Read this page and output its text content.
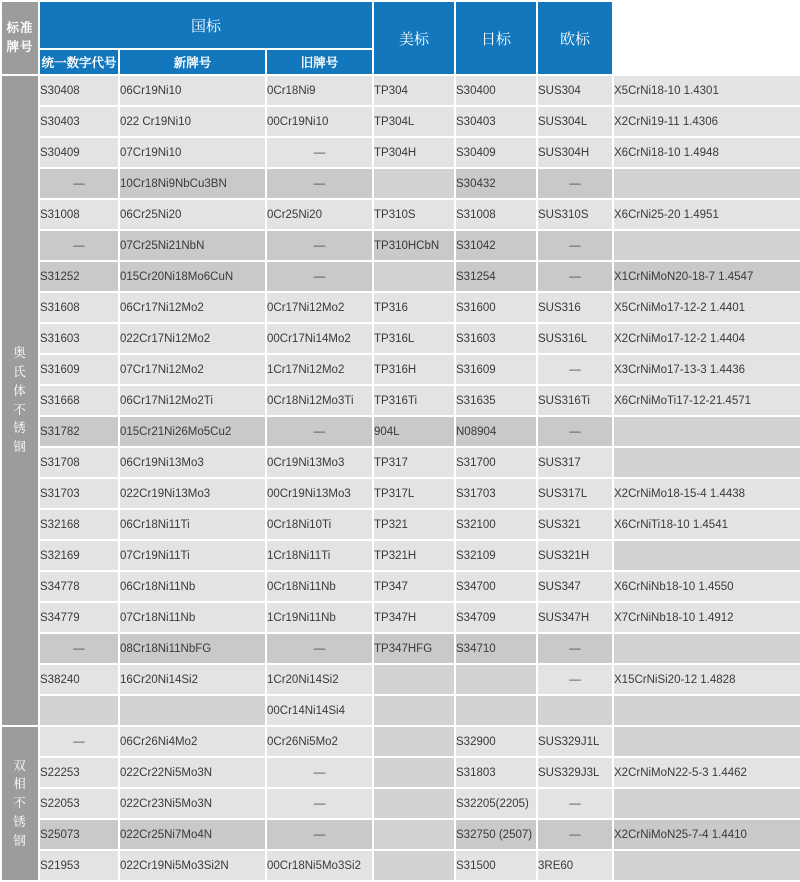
标准
牌号	国标			美标	日标	欧标	
	统一数字代号	新牌号	旧牌号				

奥
氏
体
不
锈
钢
	S30408	06Cr19Ni10	0Cr18Ni9	TP304	S30400	SUS304	X5CrNi18-10 1.4301
	S30403	022 Cr19Ni10	00Cr19Ni10	TP304L	S30403	SUS304L	X2CrNi19-11 1.4306
	S30409	07Cr19Ni10	—	TP304H	S30409	SUS304H	X6CrNi18-10 1.4948
	—	10Cr18Ni9NbCu3BN	—		S30432	—	
	S31008	06Cr25Ni20	0Cr25Ni20	TP310S	S31008	SUS310S	X6CrNi25-20 1.4951
	—	07Cr25Ni21NbN	—	TP310HCbN	S31042	—	
	S31252	015Cr20Ni18Mo6CuN	—		S31254	—	X1CrNiMoN20-18-7 1.4547
	S31608	06Cr17Ni12Mo2	0Cr17Ni12Mo2	TP316	S31600	SUS316	X5CrNiMo17-12-2 1.4401
	S31603	022Cr17Ni12Mo2	00Cr17Ni14Mo2	TP316L	S31603	SUS316L	X2CrNiMo17-12-2 1.4404
	S31609	07Cr17Ni12Mo2	1Cr17Ni12Mo2	TP316H	S31609	—	X3CrNiMo17-13-3 1.4436
	S31668	06Cr17Ni12Mo2Ti	0Cr18Ni12Mo3Ti	TP316Ti	S31635	SUS316Ti	X6CrNiMoTi17-12-21.4571
	S31782	015Cr21Ni26Mo5Cu2	—	904L	N08904	—	
	S31708	06Cr19Ni13Mo3	0Cr19Ni13Mo3	TP317	S31700	SUS317	
	S31703	022Cr19Ni13Mo3	00Cr19Ni13Mo3	TP317L	S31703	SUS317L	X2CrNiMo18-15-4 1.4438
	S32168	06Cr18Ni11Ti	0Cr18Ni10Ti	TP321	S32100	SUS321	X6CrNiTi18-10 1.4541
	S32169	07Cr19Ni11Ti	1Cr18Ni11Ti	TP321H	S32109	SUS321H	
	S34778	06Cr18Ni11Nb	0Cr18Ni11Nb	TP347	S34700	SUS347	X6CrNiNb18-10 1.4550
	S34779	07Cr18Ni11Nb	1Cr19Ni11Nb	TP347H	S34709	SUS347H	X7CrNiNb18-10 1.4912
	—	08Cr18Ni11NbFG	—	TP347HFG	S34710	—	
	S38240	16Cr20Ni14Si2	1Cr20Ni14Si2			—	X15CrNiSi20-12 1.4828
			00Cr14Ni14Si4				

双
相
不
锈
钢	—	06Cr26Ni4Mo2	0Cr26Ni5Mo2		S32900	SUS329J1L	
	S22253	022Cr22Ni5Mo3N	—		S31803	SUS329J3L	X2CrNiMoN22-5-3 1.4462
	S22053	022Cr23Ni5Mo3N	—		S32205(2205)	—	
	S25073	022Cr25Ni7Mo4N	—		S32750 (2507)	—	X2CrNiMoN25-7-4 1.4410
	S21953	022Cr19Ni5Mo3Si2N	00Cr18Ni5Mo3Si2		S31500	3RE60	
